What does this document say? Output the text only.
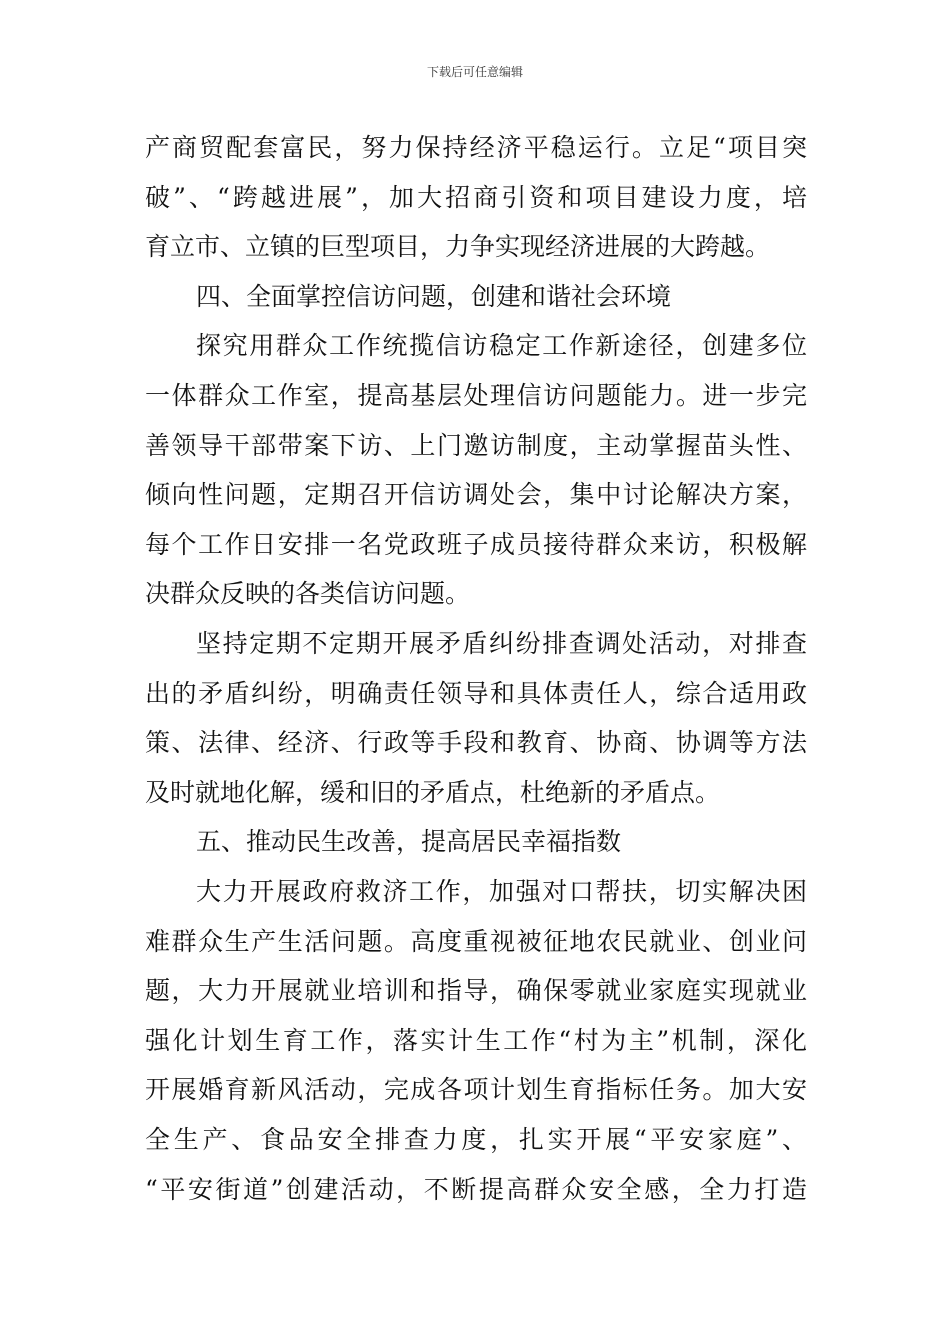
下载后可任意编辑
产商贸配套富民，努力保持经济平稳运行。立足“项目突
破”、“跨越进展”，加大招商引资和项目建设力度，培
育立市、立镇的巨型项目，力争实现经济进展的大跨越。
四、全面掌控信访问题，创建和谐社会环境
探究用群众工作统揽信访稳定工作新途径，创建多位
一体群众工作室，提高基层处理信访问题能力。进一步完
善领导干部带案下访、上门邀访制度，主动掌握苗头性、
倾向性问题，定期召开信访调处会，集中讨论解决方案，
每个工作日安排一名党政班子成员接待群众来访，积极解
决群众反映的各类信访问题。
坚持定期不定期开展矛盾纠纷排查调处活动，对排查
出的矛盾纠纷，明确责任领导和具体责任人，综合适用政
策、法律、经济、行政等手段和教育、协商、协调等方法
及时就地化解，缓和旧的矛盾点，杜绝新的矛盾点。
五、推动民生改善，提高居民幸福指数
大力开展政府救济工作，加强对口帮扶，切实解决困
难群众生产生活问题。高度重视被征地农民就业、创业问
题，大力开展就业培训和指导，确保零就业家庭实现就业
强化计划生育工作，落实计生工作“村为主”机制，深化
开展婚育新风活动，完成各项计划生育指标任务。加大安
全生产、食品安全排查力度，扎实开展“平安家庭”、
“平安街道”创建活动，不断提高群众安全感，全力打造
